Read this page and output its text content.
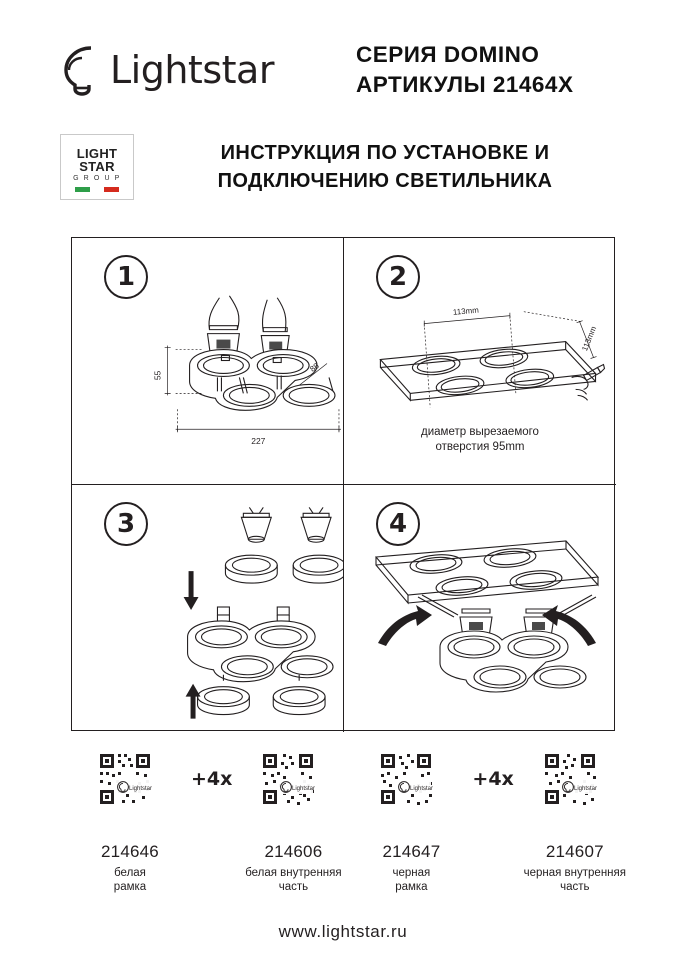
Lightstar	СЕРИЯ DOMINO
АРТИКУЛЫ 21464X
LIGHT
STAR
G R O U P
ИНСТРУКЦИЯ ПО УСТАНОВКЕ И
ПОДКЛЮЧЕНИЮ СВЕТИЛЬНИКА
1
55
227
88
2
113mm
113mm
диаметр вырезаемого
отверстия 95mm
3	4
Lightstar
214646
белая
рамка
+4x	Lightstar
214606
белая внутренняя
часть
Lightstar
214647
черная
рамка
+4x	Lightstar
214607
черная внутренняя
часть
www.lightstar.ru
